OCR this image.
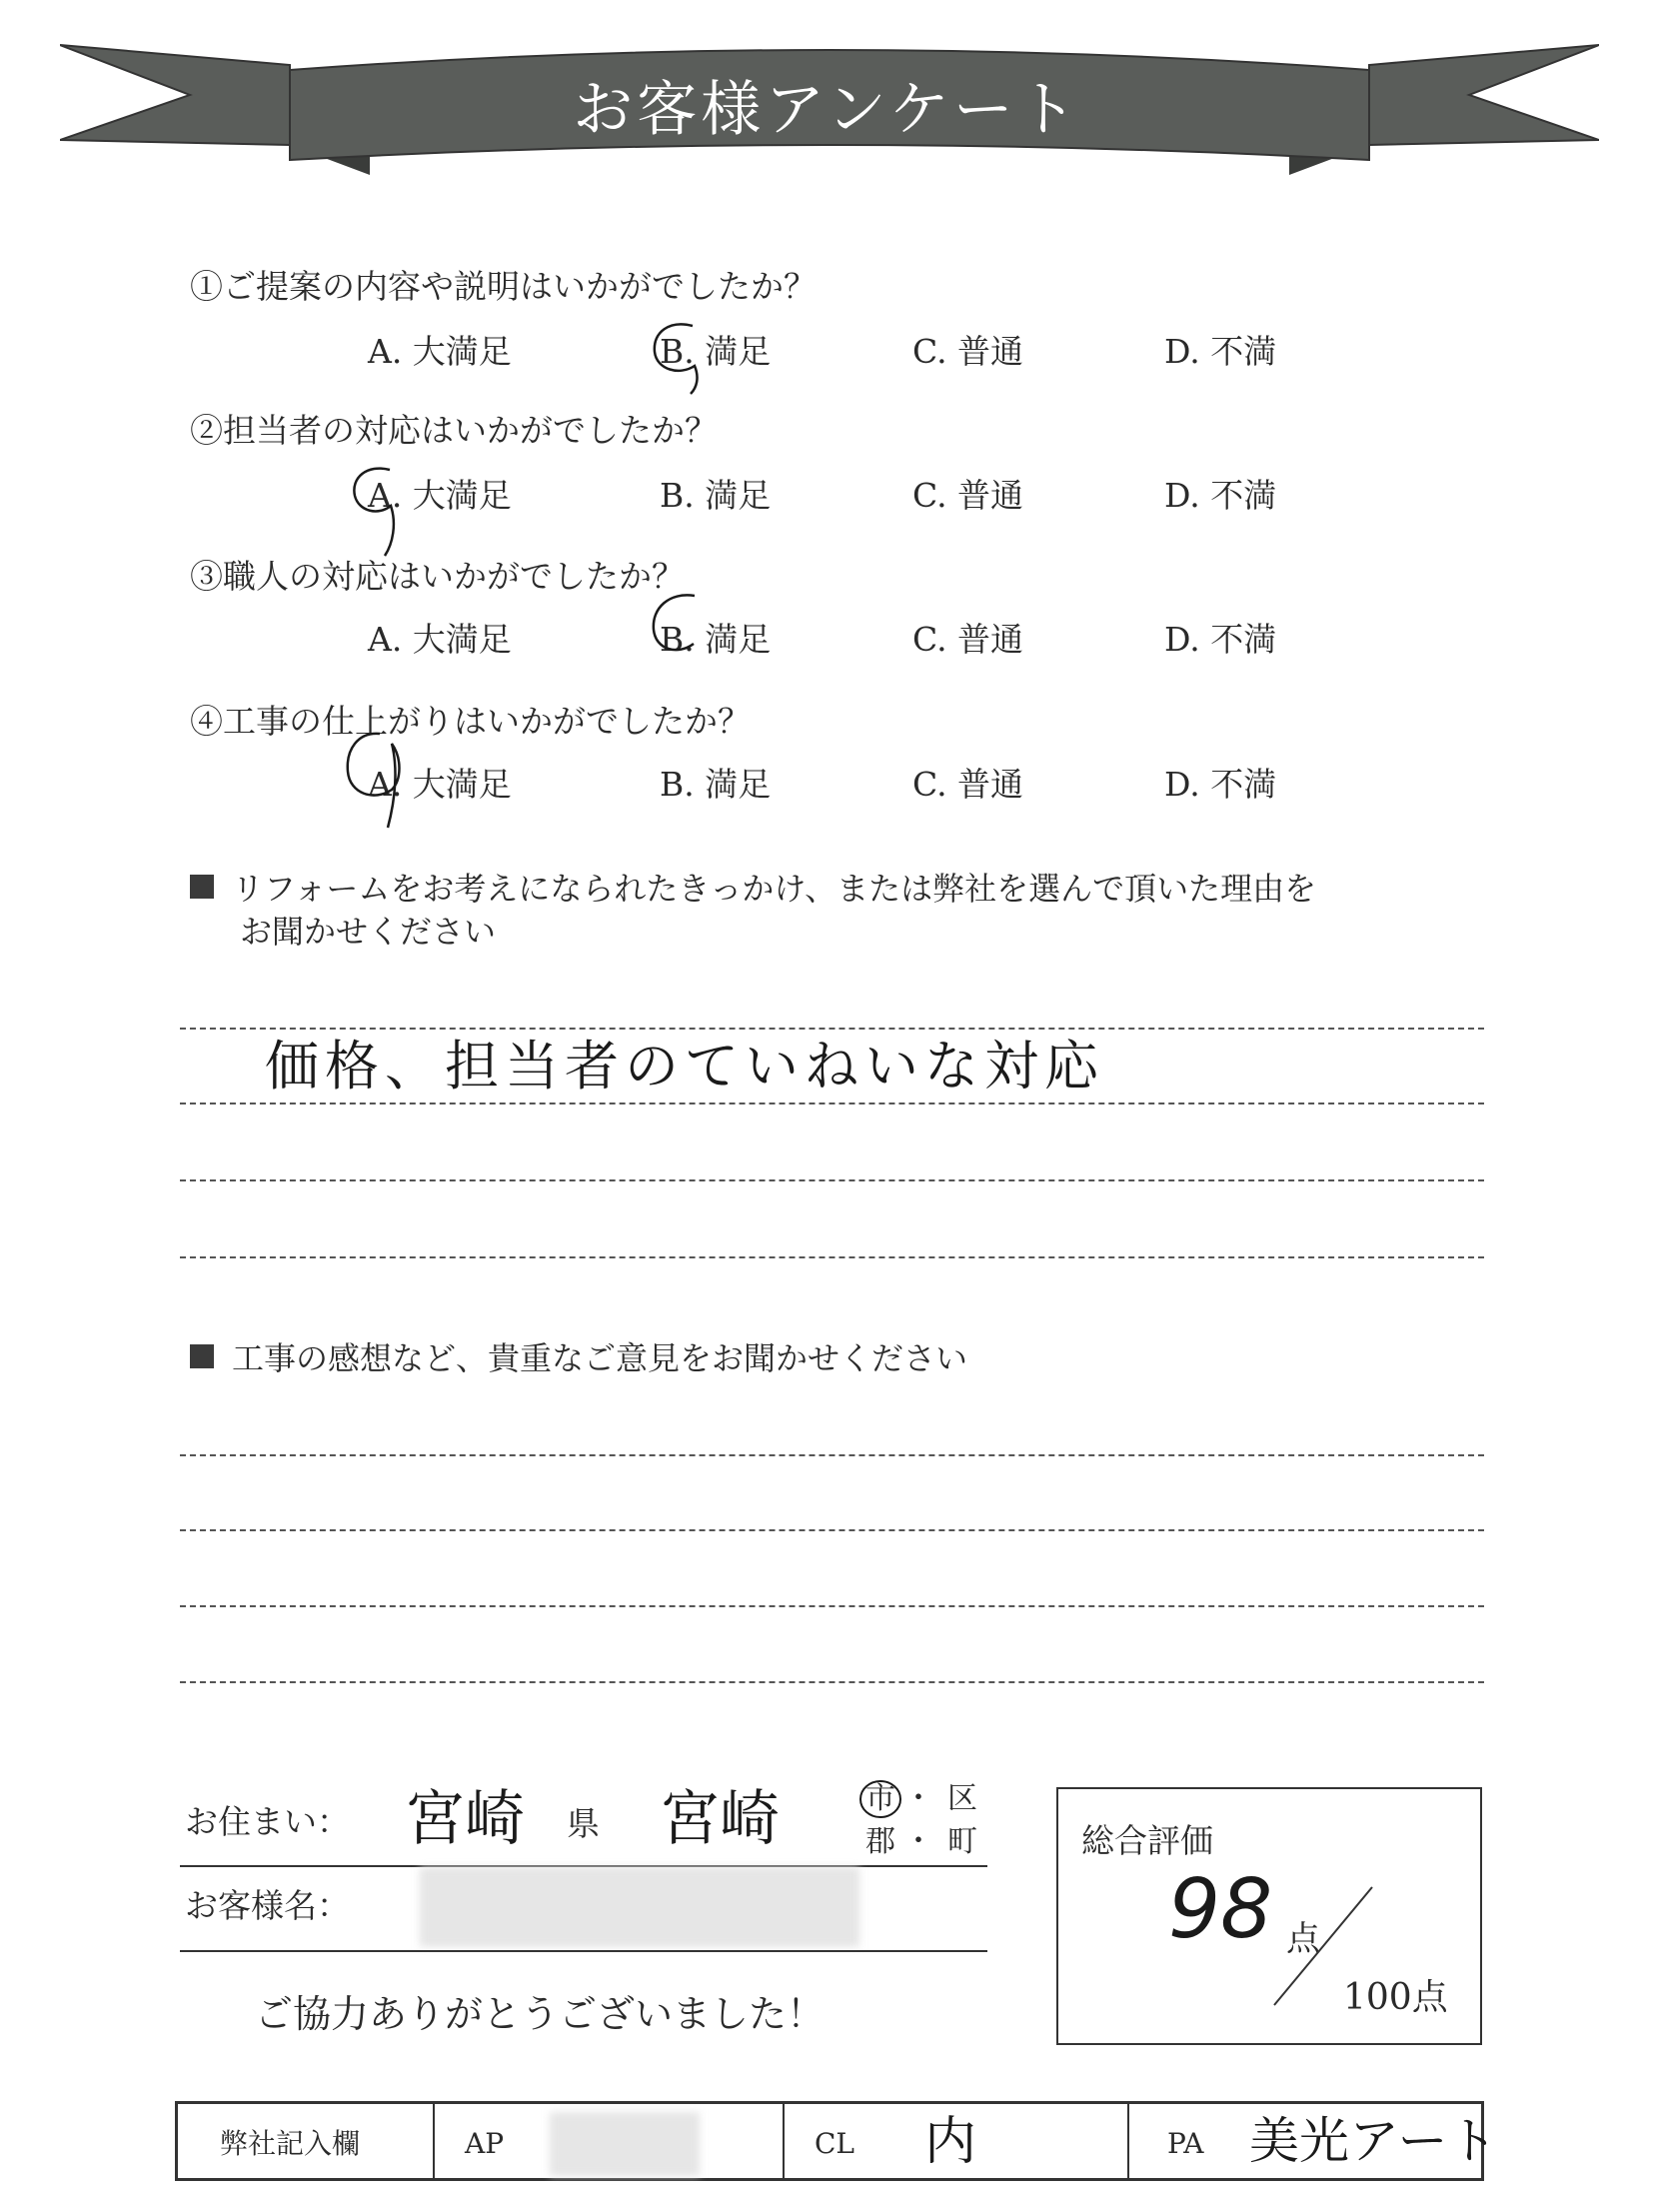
お客様アンケート
①ご提案の内容や説明はいかがでしたか？
A. 大満足	B. 満足	C. 普通	D. 不満
②担当者の対応はいかがでしたか？
A. 大満足	B. 満足	C. 普通	D. 不満
③職人の対応はいかがでしたか？
A. 大満足	B. 満足	C. 普通	D. 不満
④工事の仕上がりはいかがでしたか？
A. 大満足	B. 満足	C. 普通	D. 不満
リフォームをお考えになられたきっかけ、または弊社を選んで頂いた理由を
お聞かせください
価格、担当者のていねいな対応
工事の感想など、貴重なご意見をお聞かせください
お住まい： 宮崎 県 宮崎	市 ・ 区
郡 ・ 町
お客様名：
ご協力ありがとうございました！
総合評価
98 点
100点
弊社記入欄	AP	CL 内	PA 美光アート
